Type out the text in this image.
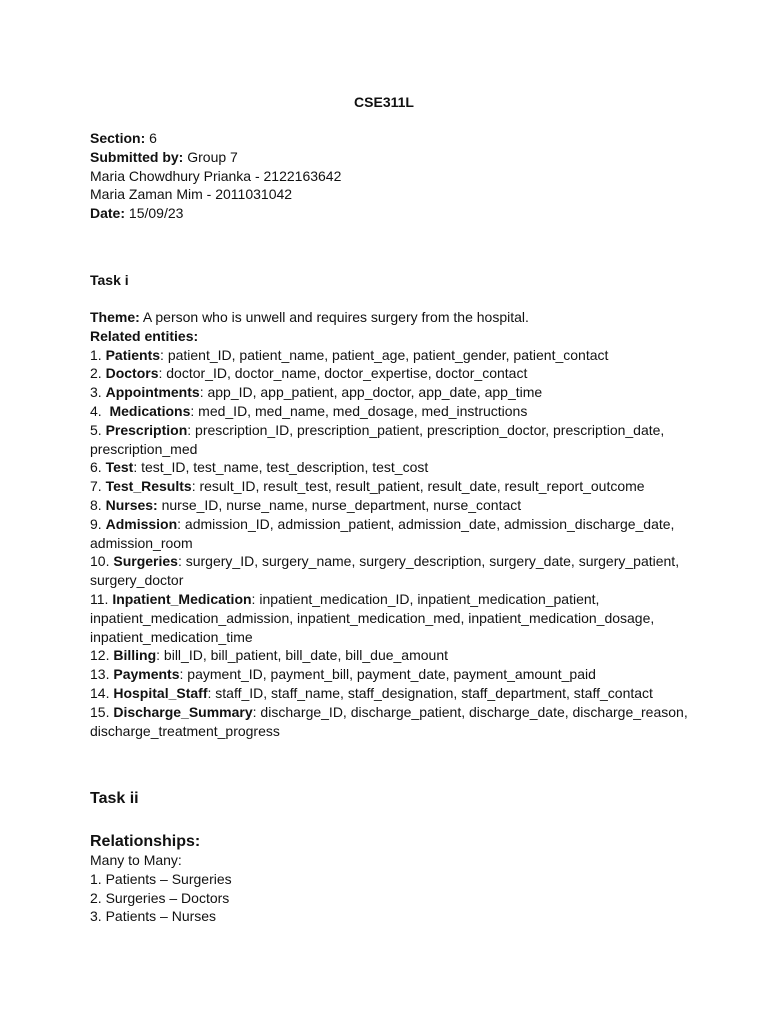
CSE311L
Section: 6
Submitted by: Group 7
Maria Chowdhury Prianka - 2122163642
Maria Zaman Mim - 2011031042
Date: 15/09/23
Task i
Theme: A person who is unwell and requires surgery from the hospital.
Related entities:
1. Patients: patient_ID, patient_name, patient_age, patient_gender, patient_contact
2. Doctors: doctor_ID, doctor_name, doctor_expertise, doctor_contact
3. Appointments: app_ID, app_patient, app_doctor, app_date, app_time
4.  Medications: med_ID, med_name, med_dosage, med_instructions
5. Prescription: prescription_ID, prescription_patient, prescription_doctor, prescription_date, prescription_med
6. Test: test_ID, test_name, test_description, test_cost
7. Test_Results: result_ID, result_test, result_patient, result_date, result_report_outcome
8. Nurses: nurse_ID, nurse_name, nurse_department, nurse_contact
9. Admission: admission_ID, admission_patient, admission_date, admission_discharge_date, admission_room
10. Surgeries: surgery_ID, surgery_name, surgery_description, surgery_date, surgery_patient, surgery_doctor
11. Inpatient_Medication: inpatient_medication_ID, inpatient_medication_patient, inpatient_medication_admission, inpatient_medication_med, inpatient_medication_dosage, inpatient_medication_time
12. Billing: bill_ID, bill_patient, bill_date, bill_due_amount
13. Payments: payment_ID, payment_bill, payment_date, payment_amount_paid
14. Hospital_Staff: staff_ID, staff_name, staff_designation, staff_department, staff_contact
15. Discharge_Summary: discharge_ID, discharge_patient, discharge_date, discharge_reason, discharge_treatment_progress
Task ii
Relationships:
Many to Many:
1. Patients – Surgeries
2. Surgeries – Doctors
3. Patients – Nurses
